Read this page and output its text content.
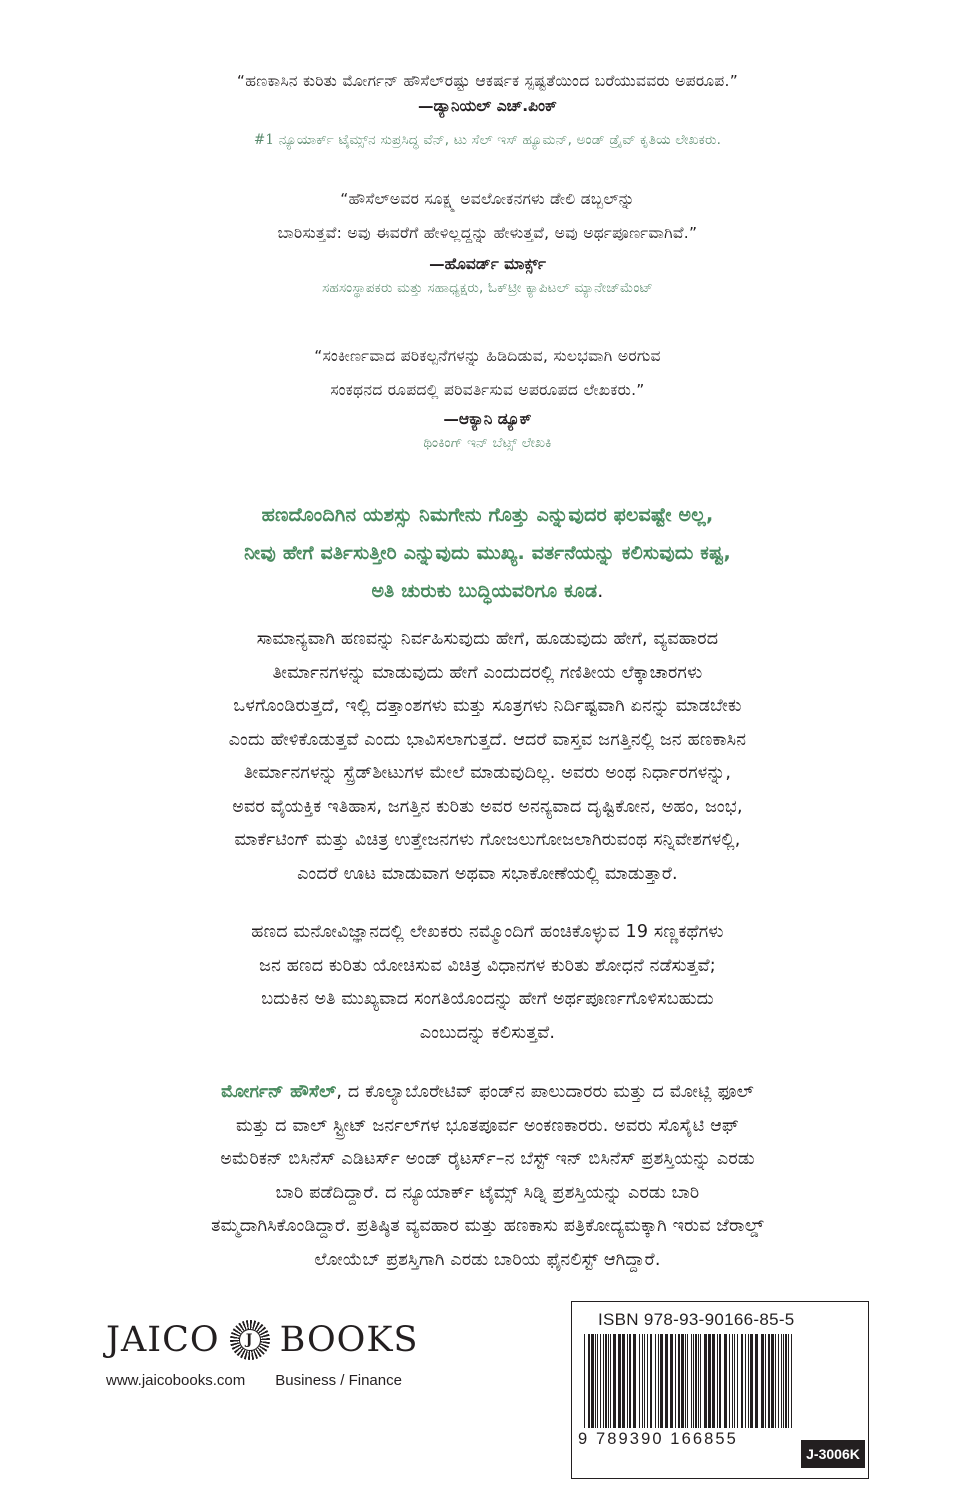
“ಹಣಕಾಸಿನ ಕುರಿತು ಮೋರ್ಗನ್ ಹೌಸೆಲ್‌ರಷ್ಟು ಆಕರ್ಷಕ ಸ್ಪಷ್ಟತೆಯಿಂದ ಬರೆಯುವವರು ಅಪರೂಪ.”

—ಡ್ಯಾನಿಯಲ್ ಎಚ್.ಪಿಂಕ್

#1 ನ್ಯೂಯಾರ್ಕ್ ಟೈಮ್ಸ್‌ನ ಸುಪ್ರಸಿದ್ಧ ವೆನ್, ಟು ಸೆಲ್ ಇಸ್ ಹ್ಯೂಮನ್, ಅಂಡ್ ಡ್ರೈವ್ ಕೃತಿಯ ಲೇಖಕರು.

“ಹೌಸೆಲ್‌ಅವರ ಸೂಕ್ಷ್ಮ ಅವಲೋಕನಗಳು ಡೇಲಿ ಡಬ್ಬಲ್‌ನ್ನು

ಬಾರಿಸುತ್ತವೆ: ಅವು ಈವರೆಗೆ ಹೇಳಿಲ್ಲದ್ದನ್ನು ಹೇಳುತ್ತವೆ, ಅವು ಅರ್ಥಪೂರ್ಣವಾಗಿವೆ.”

—ಹೊವರ್ಡ್ ಮಾರ್ಕ್ಸ್

ಸಹಸಂಸ್ಥಾಪಕರು ಮತ್ತು ಸಹಾಧ್ಯಕ್ಷರು, ಓಕ್‌ಟ್ರೀ ಕ್ಯಾಪಿಟಲ್ ಮ್ಯಾನೇಜ್‌ಮೆಂಟ್

“ಸಂಕೀರ್ಣವಾದ ಪರಿಕಲ್ಪನೆಗಳನ್ನು ಹಿಡಿದಿಡುವ, ಸುಲಭವಾಗಿ ಅರಗುವ

ಸಂಕಥನದ ರೂಪದಲ್ಲಿ ಪರಿವರ್ತಿಸುವ ಅಪರೂಪದ ಲೇಖಕರು.”

—ಆಕ್ಯಾನಿ ಡ್ಯೂಕ್

ಥಿಂಕಿಂಗ್ ಇನ್ ಬೆಟ್ಸ್ ಲೇಖಕಿ

ಹಣದೊಂದಿಗಿನ ಯಶಸ್ಸು ನಿಮಗೇನು ಗೊತ್ತು ಎನ್ನುವುದರ ಫಲವಷ್ಟೇ ಅಲ್ಲ,

ನೀವು ಹೇಗೆ ವರ್ತಿಸುತ್ತೀರಿ ಎನ್ನುವುದು ಮುಖ್ಯ. ವರ್ತನೆಯನ್ನು ಕಲಿಸುವುದು ಕಷ್ಟ,

ಅತಿ ಚುರುಕು ಬುದ್ಧಿಯವರಿಗೂ ಕೂಡ.

ಸಾಮಾನ್ಯವಾಗಿ ಹಣವನ್ನು ನಿರ್ವಹಿಸುವುದು ಹೇಗೆ, ಹೂಡುವುದು ಹೇಗೆ, ವ್ಯವಹಾರದ

ತೀರ್ಮಾನಗಳನ್ನು ಮಾಡುವುದು ಹೇಗೆ ಎಂದುದರಲ್ಲಿ ಗಣಿತೀಯ ಲೆಕ್ಕಾಚಾರಗಳು

ಒಳಗೊಂಡಿರುತ್ತದೆ, ಇಲ್ಲಿ ದತ್ತಾಂಶಗಳು ಮತ್ತು ಸೂತ್ರಗಳು ನಿರ್ದಿಷ್ಟವಾಗಿ ಏನನ್ನು ಮಾಡಬೇಕು

ಎಂದು ಹೇಳಿಕೊಡುತ್ತವೆ ಎಂದು ಭಾವಿಸಲಾಗುತ್ತದೆ. ಆದರೆ ವಾಸ್ತವ ಜಗತ್ತಿನಲ್ಲಿ ಜನ ಹಣಕಾಸಿನ

ತೀರ್ಮಾನಗಳನ್ನು ಸ್ಪ್ರೆಡ್‌ಶೀಟುಗಳ ಮೇಲೆ ಮಾಡುವುದಿಲ್ಲ. ಅವರು ಅಂಥ ನಿರ್ಧಾರಗಳನ್ನು,

ಅವರ ವೈಯಕ್ತಿಕ ಇತಿಹಾಸ, ಜಗತ್ತಿನ ಕುರಿತು ಅವರ ಅನನ್ಯವಾದ ದೃಷ್ಟಿಕೋನ, ಅಹಂ, ಜಂಭ,

ಮಾರ್ಕೆಟಿಂಗ್ ಮತ್ತು ವಿಚಿತ್ರ ಉತ್ತೇಜನಗಳು ಗೋಜಲುಗೋಜಲಾಗಿರುವಂಥ ಸನ್ನಿವೇಶಗಳಲ್ಲಿ,

ಎಂದರೆ ಊಟ ಮಾಡುವಾಗ ಅಥವಾ ಸಭಾಕೋಣೆಯಲ್ಲಿ ಮಾಡುತ್ತಾರೆ.

ಹಣದ ಮನೋವಿಜ್ಞಾನದಲ್ಲಿ ಲೇಖಕರು ನಮ್ಮೊಂದಿಗೆ ಹಂಚಿಕೊಳ್ಳುವ 19 ಸಣ್ಣಕಥೆಗಳು

ಜನ ಹಣದ ಕುರಿತು ಯೋಚಿಸುವ ವಿಚಿತ್ರ ವಿಧಾನಗಳ ಕುರಿತು ಶೋಧನೆ ನಡೆಸುತ್ತವೆ;

ಬದುಕಿನ ಅತಿ ಮುಖ್ಯವಾದ ಸಂಗತಿಯೊಂದನ್ನು ಹೇಗೆ ಅರ್ಥಪೂರ್ಣಗೊಳಿಸಬಹುದು

ಎಂಬುದನ್ನು ಕಲಿಸುತ್ತವೆ.

ಮೋರ್ಗನ್ ಹೌಸೆಲ್, ದ ಕೊಲ್ಯಾಬೊರೇಟಿವ್ ಫಂಡ್‌ನ ಪಾಲುದಾರರು ಮತ್ತು ದ ಮೋಟ್ಲಿ ಫೂಲ್

ಮತ್ತು ದ ವಾಲ್ ಸ್ಟ್ರೀಟ್ ಜರ್ನಲ್‌ಗಳ ಭೂತಪೂರ್ವ ಅಂಕಣಕಾರರು. ಅವರು ಸೊಸೈಟಿ ಆಫ್

ಅಮೆರಿಕನ್ ಬಿಸಿನೆಸ್ ಎಡಿಟರ್ಸ್ ಅಂಡ್ ರೈಟರ್ಸ್–ನ ಬೆಸ್ಟ್ ಇನ್ ಬಿಸಿನೆಸ್ ಪ್ರಶಸ್ತಿಯನ್ನು ಎರಡು

ಬಾರಿ ಪಡೆದಿದ್ದಾರೆ. ದ ನ್ಯೂಯಾರ್ಕ್ ಟೈಮ್ಸ್ ಸಿಡ್ನಿ ಪ್ರಶಸ್ತಿಯನ್ನು ಎರಡು ಬಾರಿ

ತಮ್ಮದಾಗಿಸಿಕೊಂಡಿದ್ದಾರೆ. ಪ್ರತಿಷ್ಠಿತ ವ್ಯವಹಾರ ಮತ್ತು ಹಣಕಾಸು ಪತ್ರಿಕೋದ್ಯಮಕ್ಕಾಗಿ ಇರುವ ಜೆರಾಲ್ಡ್

ಲೋಯೆಬ್ ಪ್ರಶಸ್ತಿಗಾಗಿ ಎರಡು ಬಾರಿಯ ಫೈನಲಿಸ್ಟ್ ಆಗಿದ್ದಾರೆ.

JAICO	J BOOKS
www.jaicobooks.com Business / Finance
ISBN 978-93-90166-85-5
9 789390 166855
J-3006K
